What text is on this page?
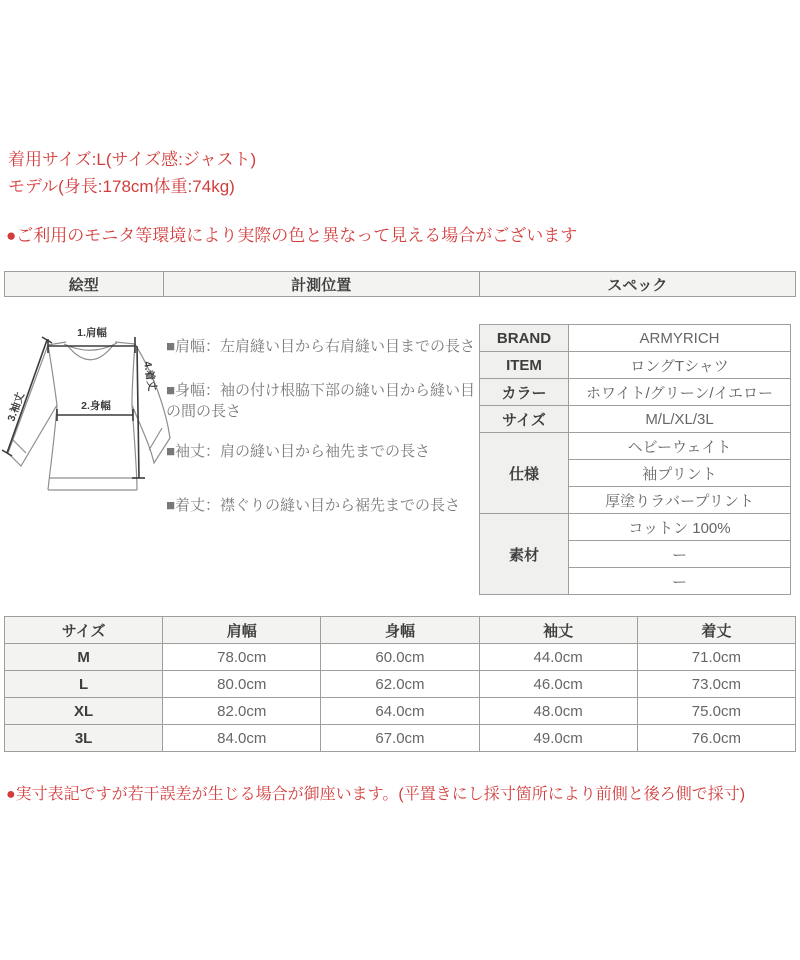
着用サイズ:L(サイズ感:ジャスト)
モデル(身長:178cm体重:74kg)
●ご利用のモニタ等環境により実際の色と異なって見える場合がございます
絵型	計測位置	スペック
1.肩幅
2.身幅
3.袖丈
4.着丈

■肩幅：左肩縫い目から右肩縫い目までの長さ

■身幅：袖の付け根脇下部の縫い目から縫い目の間の長さ

■袖丈：肩の縫い目から袖先までの長さ

■着丈：襟ぐりの縫い目から裾先までの長さ

BRAND	ARMYRICH
ITEM	ロングTシャツ
カラー	ホワイト/グリーン/イエロー
サイズ	M/L/XL/3L
仕様	ヘビーウェイト
	袖プリント
	厚塗りラバープリント
素材	コットン 100%
	ー
	ー
サイズ	肩幅	身幅	袖丈	着丈
M	78.0cm	60.0cm	44.0cm	71.0cm
L	80.0cm	62.0cm	46.0cm	73.0cm
XL	82.0cm	64.0cm	48.0cm	75.0cm
3L	84.0cm	67.0cm	49.0cm	76.0cm
●実寸表記ですが若干誤差が生じる場合が御座います。(平置きにし採寸箇所により前側と後ろ側で採寸)
